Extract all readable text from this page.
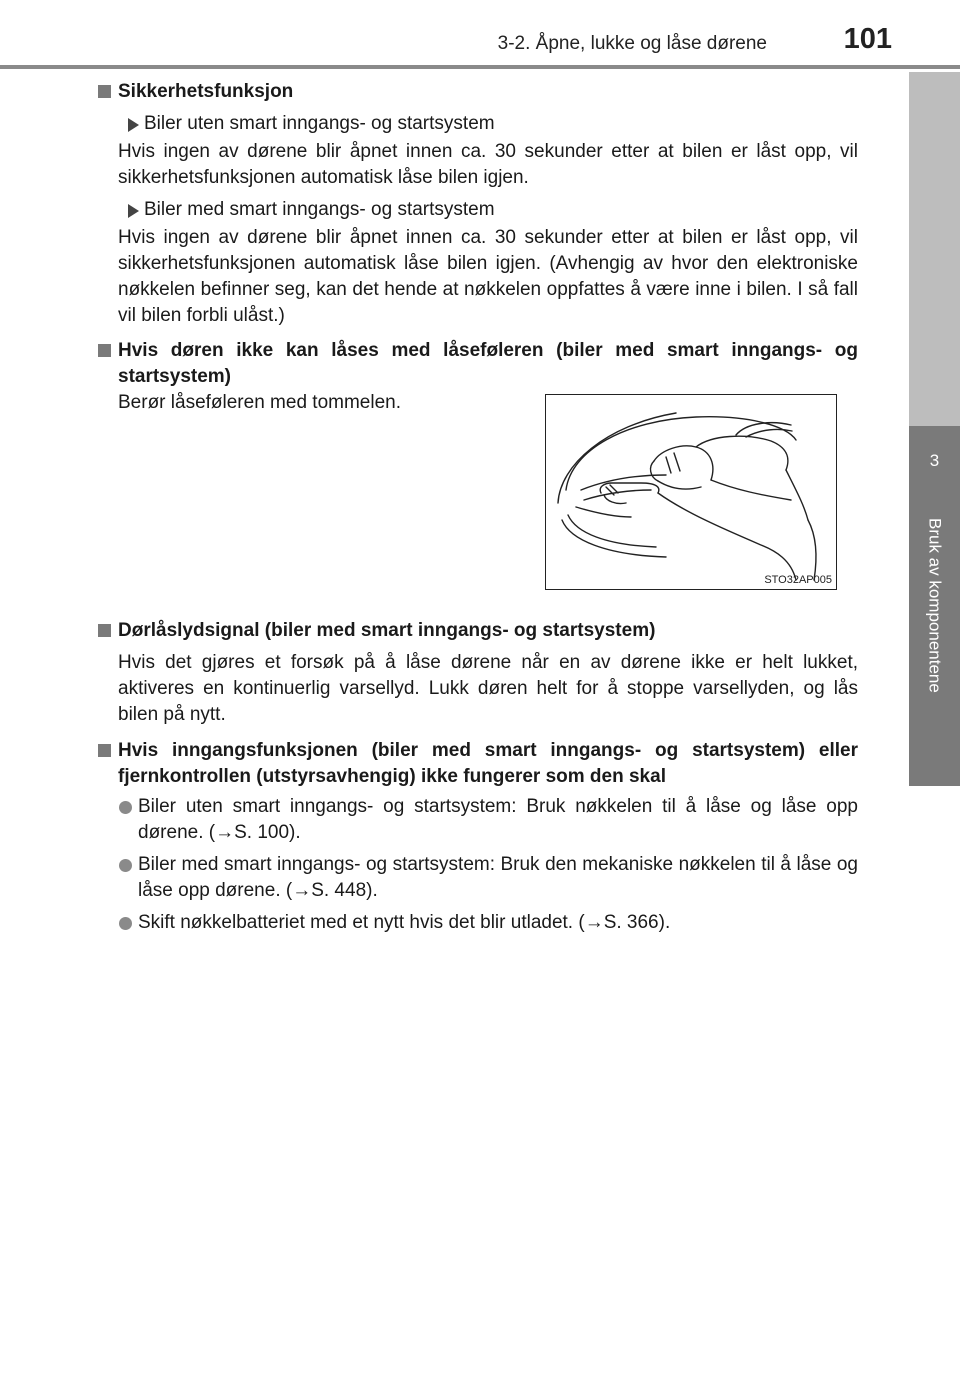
3-2. Åpne, lukke og låse dørene	101
3
Bruk av komponentene
Sikkerhetsfunksjon
Biler uten smart inngangs- og startsystem

Hvis ingen av dørene blir åpnet innen ca. 30 sekunder etter at bilen er låst opp, vil sikkerhetsfunksjonen automatisk låse bilen igjen.

Biler med smart inngangs- og startsystem

Hvis ingen av dørene blir åpnet innen ca. 30 sekunder etter at bilen er låst opp, vil sikkerhetsfunksjonen automatisk låse bilen igjen. (Avhengig av hvor den elektroniske nøkkelen befinner seg, kan det hende at nøkkelen oppfattes å være inne i bilen. I så fall vil bilen forbli ulåst.)

Hvis døren ikke kan låses med låseføleren (biler med smart inngangs- og startsystem)
Dørlåslydsignal (biler med smart inngangs- og startsystem)

Hvis det gjøres et forsøk på å låse dørene når en av dørene ikke er helt lukket, aktiveres en kontinuerlig varsellyd. Lukk døren helt for å stoppe varsellyden, og lås bilen på nytt.

Hvis inngangsfunksjonen (biler med smart inngangs- og startsystem) eller fjernkontrollen (utstyrsavhengig) ikke fungerer som den skal

Biler uten smart inngangs- og startsystem: Bruk nøkkelen til å låse og låse opp dørene. (→S. 100).

Biler med smart inngangs- og startsystem: Bruk den mekaniske nøkkelen til å låse og låse opp dørene. (→S. 448).

Skift nøkkelbatteriet med et nytt hvis det blir utladet. (→S. 366).

Berør låseføleren med tommelen.
STO32AP005
